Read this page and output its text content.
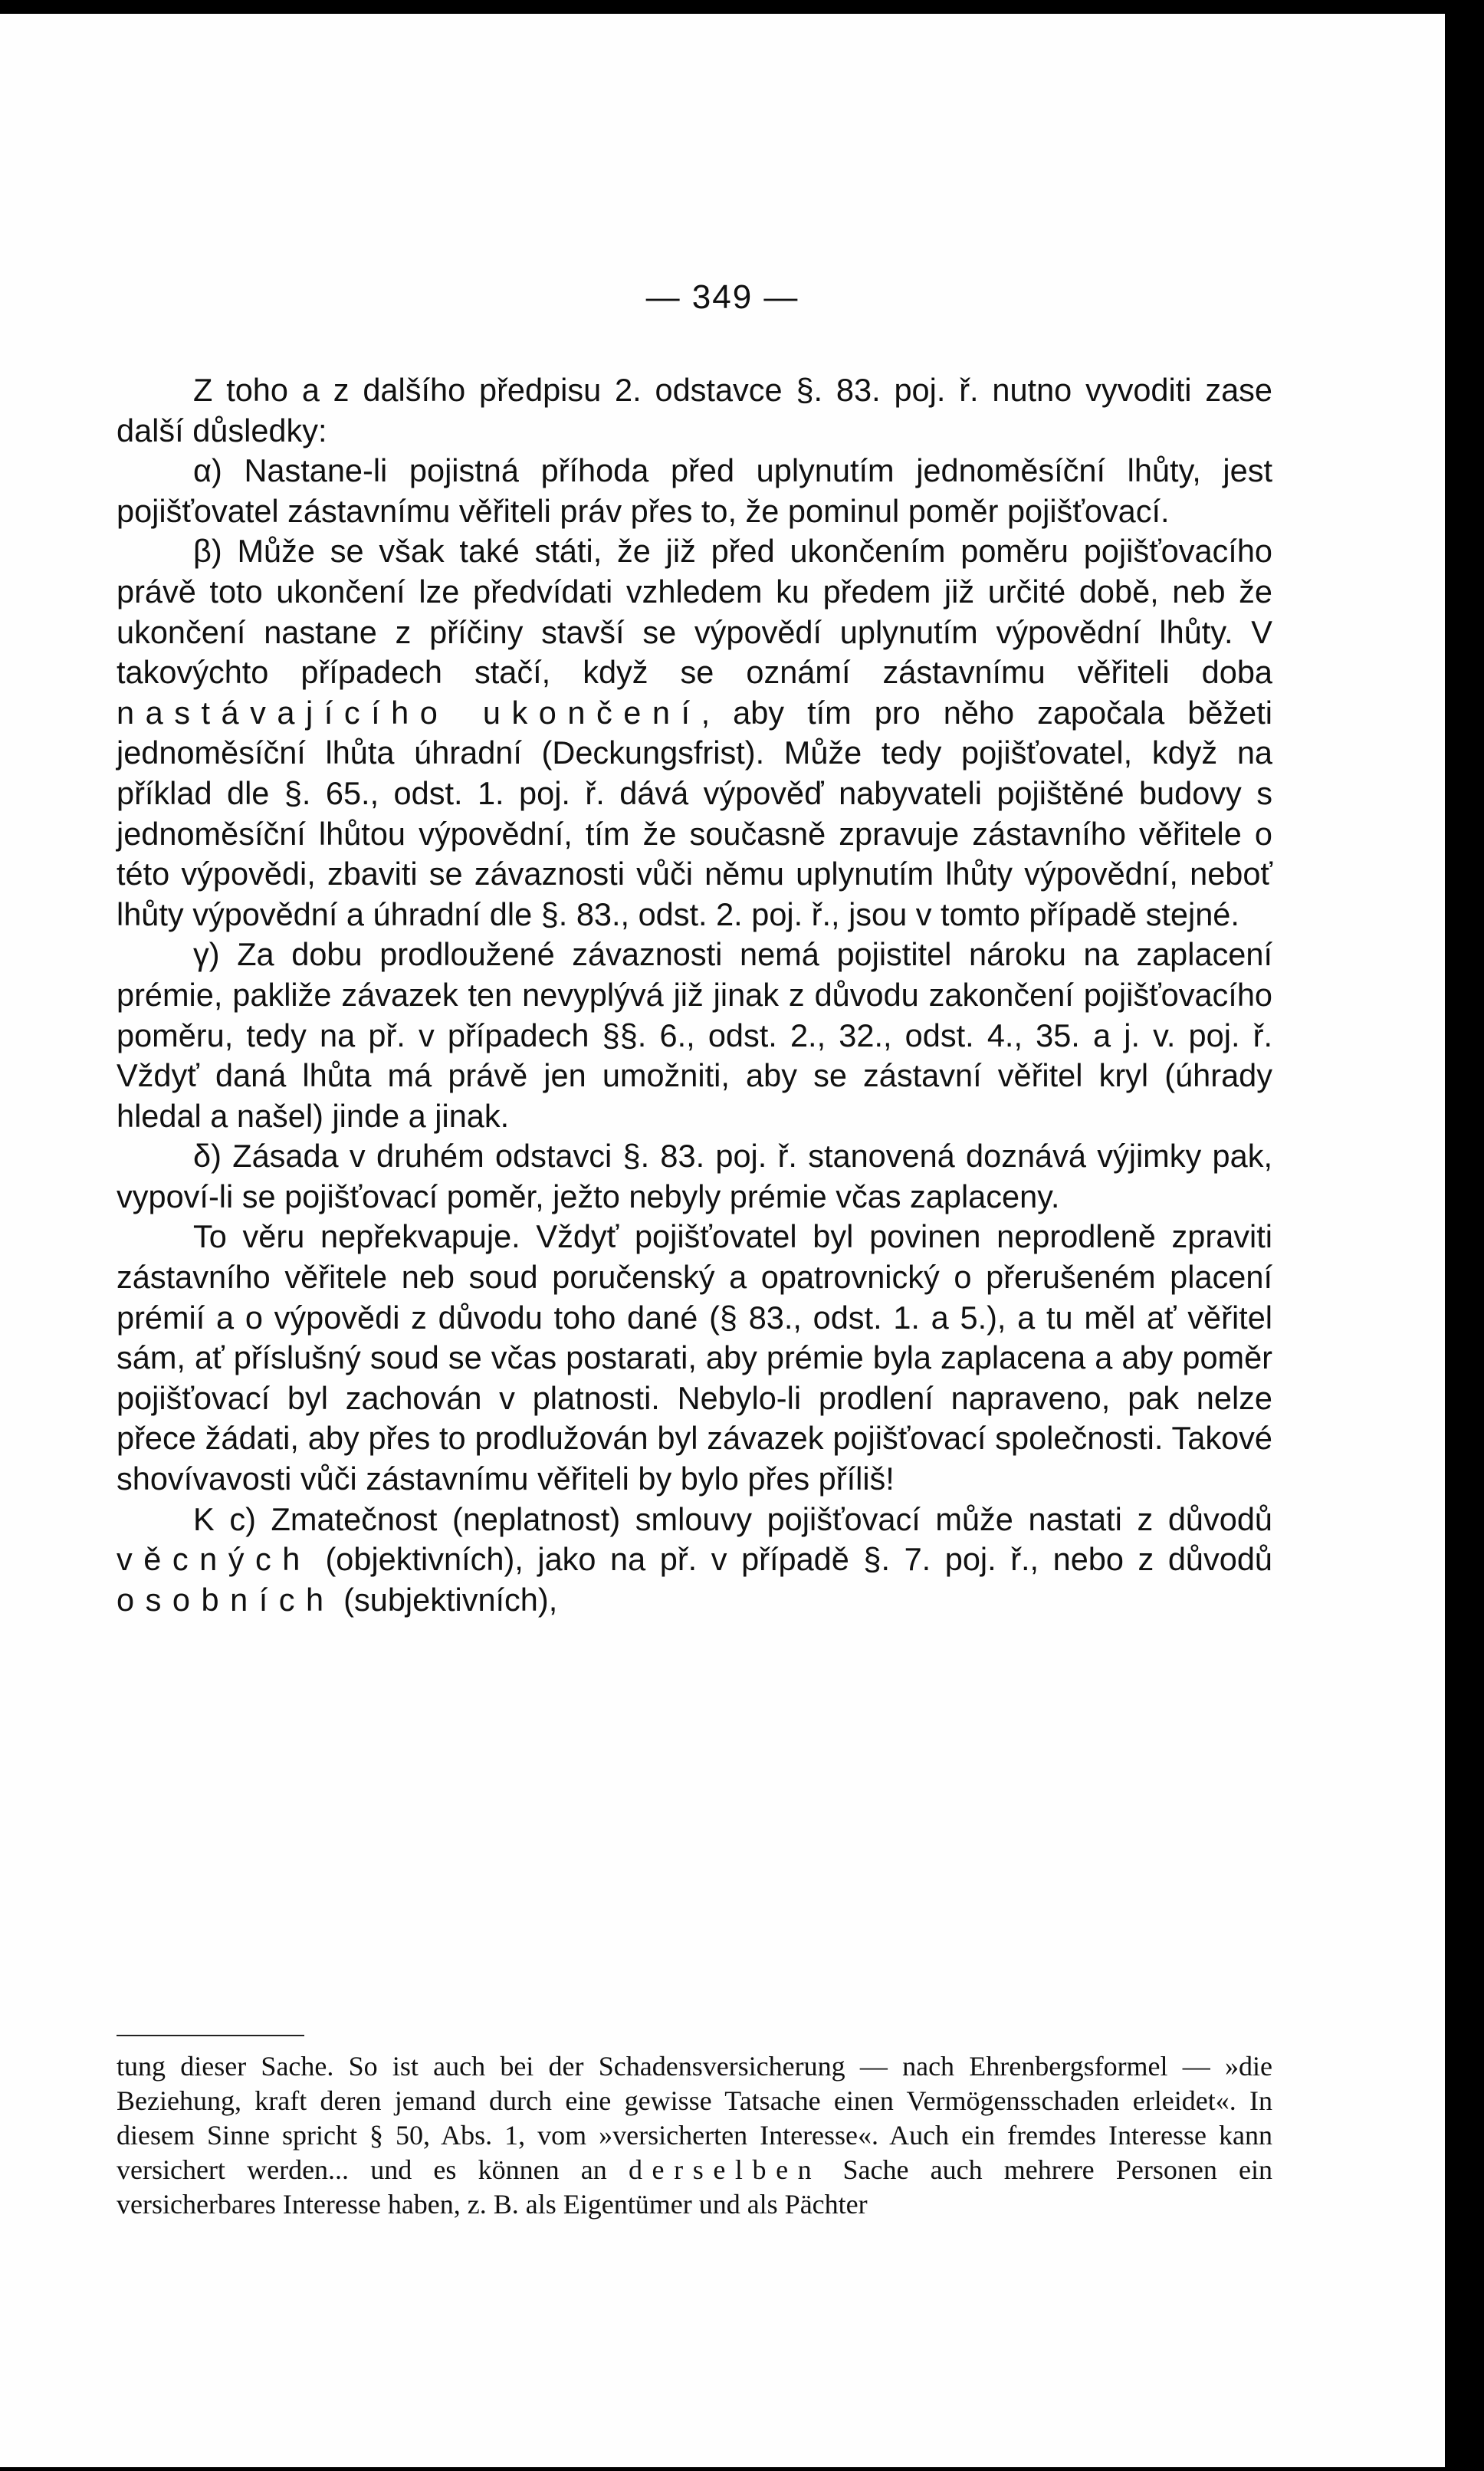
— 349 —

Z toho a z dalšího předpisu 2. odstavce §. 83. poj. ř. nutno vyvoditi zase další důsledky:

α) Nastane-li pojistná příhoda před uplynutím jednoměsíční lhůty, jest pojišťovatel zástavnímu věřiteli práv přes to, že pominul poměr pojišťovací.

β) Může se však také státi, že již před ukončením poměru pojišťovacího právě toto ukončení lze předvídati vzhledem ku předem již určité době, neb že ukončení nastane z příčiny stavší se výpovědí uplynutím výpovědní lhůty. V takovýchto případech stačí, když se oznámí zástavnímu věřiteli doba nastávajícího ukončení, aby tím pro něho započala běžeti jednoměsíční lhůta úhradní (Deckungsfrist). Může tedy pojišťovatel, když na příklad dle §. 65., odst. 1. poj. ř. dává výpověď nabyvateli pojištěné budovy s jednoměsíční lhůtou výpovědní, tím že současně zpravuje zástavního věřitele o této výpovědi, zbaviti se závaznosti vůči němu uplynutím lhůty výpovědní, neboť lhůty výpovědní a úhradní dle §. 83., odst. 2. poj. ř., jsou v tomto případě stejné.

γ) Za dobu prodloužené závaznosti nemá pojistitel nároku na zaplacení prémie, pakliže závazek ten nevyplývá již jinak z důvodu zakončení pojišťovacího poměru, tedy na př. v případech §§. 6., odst. 2., 32., odst. 4., 35. a j. v. poj. ř. Vždyť daná lhůta má právě jen umožniti, aby se zástavní věřitel kryl (úhrady hledal a našel) jinde a jinak.

δ) Zásada v druhém odstavci §. 83. poj. ř. stanovená doznává výjimky pak, vypoví-li se pojišťovací poměr, ježto nebyly prémie včas zaplaceny.

To věru nepřekvapuje. Vždyť pojišťovatel byl povinen neprodleně zpraviti zástavního věřitele neb soud poručenský a opatrovnický o přerušeném placení prémií a o výpovědi z důvodu toho dané (§ 83., odst. 1. a 5.), a tu měl ať věřitel sám, ať příslušný soud se včas postarati, aby prémie byla zaplacena a aby poměr pojišťovací byl zachován v platnosti. Nebylo-li prodlení napraveno, pak nelze přece žádati, aby přes to prodlužován byl závazek pojišťovací společnosti. Takové shovívavosti vůči zástavnímu věřiteli by bylo přes příliš!

K c) Zmatečnost (neplatnost) smlouvy pojišťovací může nastati z důvodů věcných (objektivních), jako na př. v případě §. 7. poj. ř., nebo z důvodů osobních (subjektivních),

tung dieser Sache. So ist auch bei der Schadensversicherung — nach Ehrenbergsformel — »die Beziehung, kraft deren jemand durch eine gewisse Tatsache einen Vermögensschaden erleidet«. In diesem Sinne spricht § 50, Abs. 1, vom »versicherten Interesse«. Auch ein fremdes Interesse kann versichert werden... und es können an derselben Sache auch mehrere Personen ein versicherbares Interesse haben, z. B. als Eigentümer und als Pächter
